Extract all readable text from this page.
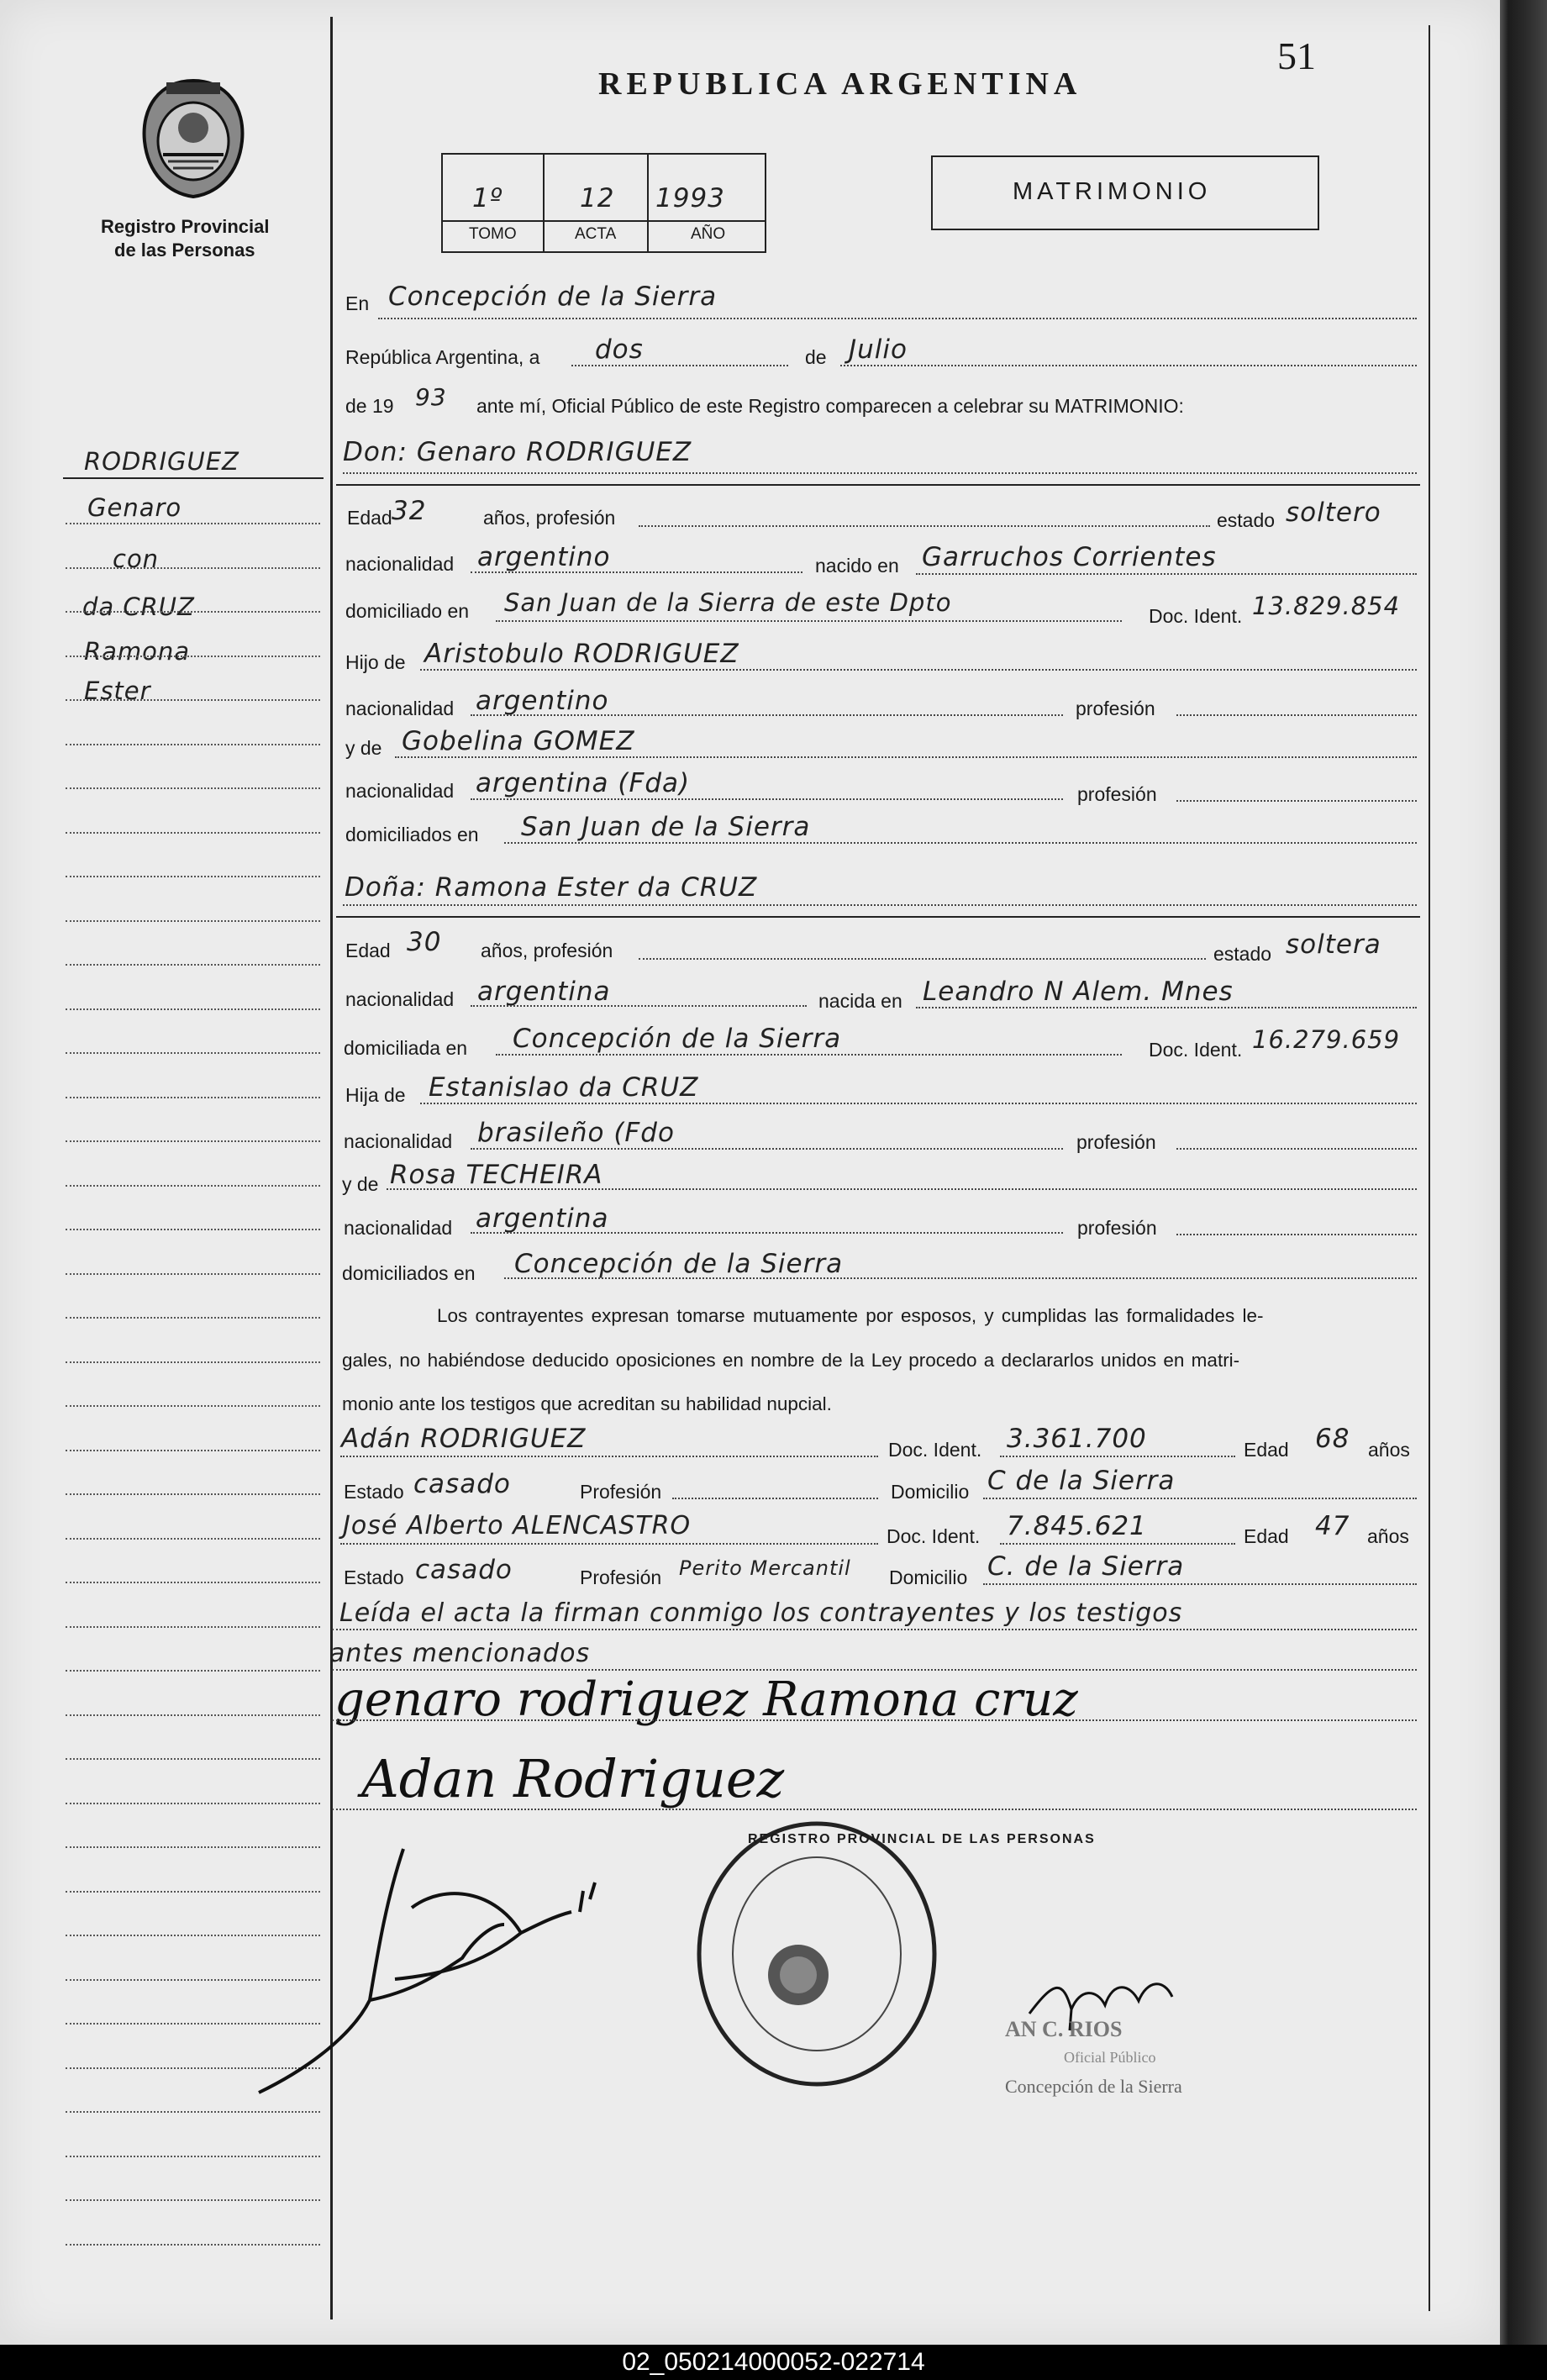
Registro Provincial
de las Personas
REPUBLICA ARGENTINA
51
1º	12 1993
TOMO	ACTA	AÑO
MATRIMONIO
RODRIGUEZ
Genaro
con
da CRUZ
Ramona
Ester
En Concepción de la Sierra
República Argentina, a dos	de Julio
de 19 93 ante mí, Oficial Público de este Registro comparecen a celebrar su MATRIMONIO:
Don: Genaro RODRIGUEZ
Edad 32	años, profesión	estado soltero
nacionalidad argentino	nacido en Garruchos Corrientes
domiciliado en San Juan de la Sierra de este Dpto	Doc. Ident. 13.829.854
Hijo de Aristobulo RODRIGUEZ
nacionalidad argentino	profesión
y de Gobelina GOMEZ
nacionalidad argentina (Fda)	profesión
domiciliados en San Juan de la Sierra
Doña: Ramona Ester da CRUZ
Edad 30 años, profesión	estado soltera
nacionalidad argentina	nacida en Leandro N Alem. Mnes
domiciliada en Concepción de la Sierra	Doc. Ident. 16.279.659
Hija de Estanislao da CRUZ
nacionalidad brasileño (Fdo	profesión
y de Rosa TECHEIRA
nacionalidad argentina	profesión
domiciliados en Concepción de la Sierra
Los contrayentes expresan tomarse mutuamente por esposos, y cumplidas las formalidades le-
gales, no habiéndose deducido oposiciones en nombre de la Ley procedo a declararlos unidos en matri-
monio ante los testigos que acreditan su habilidad nupcial.
Adán RODRIGUEZ	Doc. Ident. 3.361.700	Edad 68 años
Estado casado	Profesión	Domicilio C de la Sierra
José Alberto ALENCASTRO	Doc. Ident. 7.845.621	Edad 47 años
Estado casado	Profesión Perito Mercantil Domicilio C. de la Sierra
Leída el acta la firman conmigo los contrayentes y los testigos
antes mencionados
genaro rodriguez Ramona cruz
Adan Rodriguez
REGISTRO PROVINCIAL DE LAS PERSONAS
AN C. RIOS
Oficial Público
Concepción de la Sierra
02_050214000052-022714
